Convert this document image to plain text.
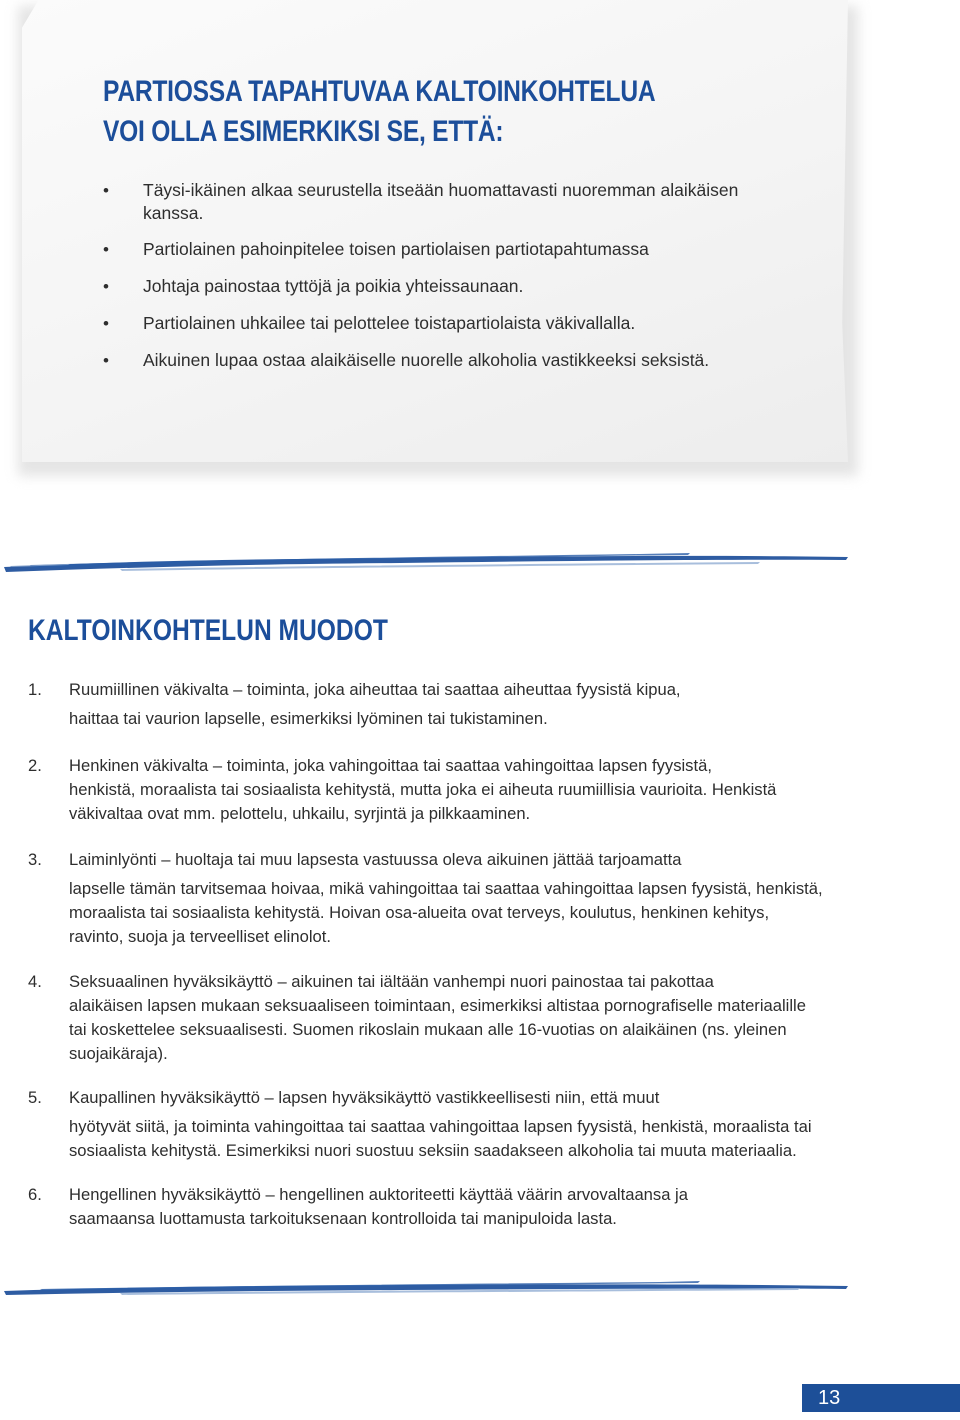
PARTIOSSA TAPAHTUVAA KALTOINKOHTELUA
VOI OLLA ESIMERKIKSI SE, ETTÄ:
• Täysi-ikäinen alkaa seurustella itseään huomattavasti nuoremman alaikäisen kanssa.
• Partiolainen pahoinpitelee toisen partiolaisen partiotapahtumassa
• Johtaja painostaa tyttöjä ja poikia yhteissaunaan.
• Partiolainen uhkailee tai pelottelee toistapartiolaista väkivallalla.
• Aikuinen lupaa ostaa alaikäiselle nuorelle alkoholia vastikkeeksi seksistä.
KALTOINKOHTELUN MUODOT
1. Ruumiillinen väkivalta – toiminta, joka aiheuttaa tai saattaa aiheuttaa fyysistä kipua,

haittaa tai vaurion lapselle, esimerkiksi lyöminen tai tukistaminen.

2. Henkinen väkivalta – toiminta, joka vahingoittaa tai saattaa vahingoittaa lapsen fyysistä,

henkistä, moraalista tai sosiaalista kehitystä, mutta joka ei aiheuta ruumiillisia vaurioita. Henkistä väkivaltaa ovat mm. pelottelu, uhkailu, syrjintä ja pilkkaaminen.

3. Laiminlyönti – huoltaja tai muu lapsesta vastuussa oleva aikuinen jättää tarjoamatta

lapselle tämän tarvitsemaa hoivaa, mikä vahingoittaa tai saattaa vahingoittaa lapsen fyysistä, henkistä, moraalista tai sosiaalista kehitystä. Hoivan osa-alueita ovat terveys, koulutus, henkinen kehitys, ravinto, suoja ja terveelliset elinolot.

4. Seksuaalinen hyväksikäyttö – aikuinen tai iältään vanhempi nuori painostaa tai pakottaa

alaikäisen lapsen mukaan seksuaaliseen toimintaan, esimerkiksi altistaa pornografiselle materiaalille tai koskettelee seksuaalisesti. Suomen rikoslain mukaan alle 16-vuotias on alaikäinen (ns. yleinen suojaikäraja).

5. Kaupallinen hyväksikäyttö – lapsen hyväksikäyttö vastikkeellisesti niin, että muut

hyötyvät siitä, ja toiminta vahingoittaa tai saattaa vahingoittaa lapsen fyysistä, henkistä, moraalista tai sosiaalista kehitystä. Esimerkiksi nuori suostuu seksiin saadakseen alkoholia tai muuta materiaalia.

6. Hengellinen hyväksikäyttö – hengellinen auktoriteetti käyttää väärin arvovaltaansa ja

saamaansa luottamusta tarkoituksenaan kontrolloida tai manipuloida lasta.

13
